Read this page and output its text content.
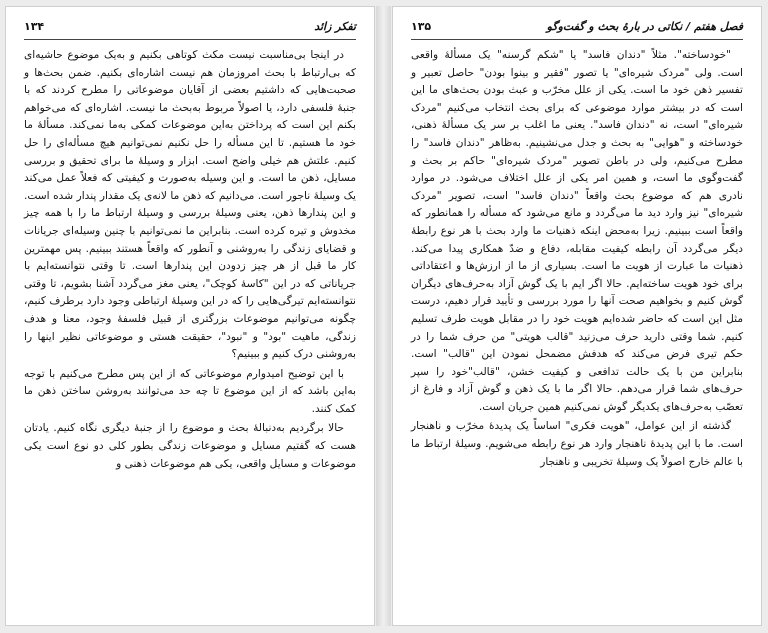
۱۳۴	تفکر زائد

در اینجا بی‌مناسبت نیست مکث کوتاهی بکنیم و به‌یک موضوع حاشیه‌ای که بی‌ارتباط با بحث امروزمان هم نیست اشاره‌ای بکنیم. ضمن بحث‌ها و صحبت‌هایی که داشتیم بعضی از آقایان موضوعاتی را مطرح کردند که با جنبهٔ فلسفی دارد، یا اصولاً مربوط به‌بحث ما نیست. اشاره‌ای که می‌خواهم بکنم این است که پرداختن به‌این موضوعات کمکی به‌ما نمی‌کند. مسألهٔ ما خود ما هستیم. تا این مسأله را حل نکنیم نمی‌توانیم هیچ مسأله‌ای را حل کنیم. علتش هم خیلی واضح است. ابزار و وسیلهٔ ما برای تحقیق و بررسی مسایل، ذهن ما است. و این وسیله به‌صورت و کیفیتی که فعلاً عمل می‌کند یک وسیلهٔ ناجور است. می‌دانیم که ذهن ما لانه‌ی یک مقدار پندار شده است. و این پندارها ذهن، یعنی وسیلهٔ بررسی و وسیلهٔ ارتباط ما را با همه چیز مخدوش و تیره کرده است. بنابراین ما نمی‌توانیم با چنین وسیله‌ای جریانات و قضایای زندگی را به‌روشنی و آنطور که واقعاً هستند ببینیم. پس مهمترین کار ما قبل از هر چیز زدودن این پندارها است. تا وقتی نتوانسته‌ایم با جریاناتی که در این "کاسهٔ کوچک"، یعنی مغز می‌گردد آشنا بشویم، تا وقتی نتوانسته‌ایم تیرگی‌هایی را که در این وسیلهٔ ارتباطی وجود دارد برطرف کنیم، چگونه می‌توانیم موضوعات بزرگتری از قبیل فلسفهٔ وجود، معنا و هدف زندگی، ماهیت "بود" و "نبود"، حقیقت هستی و موضوعاتی نظیر اینها را به‌روشنی درک کنیم و ببینیم؟

با این توضیح امیدوارم موضوعاتی که از این پس مطرح می‌کنیم با توجه به‌این باشد که از این موضوع تا چه حد می‌توانند به‌روشن ساختن ذهن ما کمک کنند.

حالا برگردیم به‌دنبالهٔ بحث و موضوع را از جنبهٔ دیگری نگاه کنیم. یادتان هست که گفتیم مسایل و موضوعات زندگی بطور کلی دو نوع است یکی موضوعات و مسایل واقعی، یکی هم موضوعات ذهنی و

۱۳۵	فصل هفتم / نکاتی در بارهٔ بحث و گفت‌وگو

"خودساخته". مثلاً "دندان فاسد" یا "شکم گرسنه" یک مسألهٔ واقعی است. ولی "مردک شیره‌ای" یا تصور "فقیر و بینوا بودن" حاصل تعبیر و تفسیر ذهن خود ما است. یکی از علل مخرّب و عبث بودن بحث‌های ما این است که در بیشتر موارد موضوعی که برای بحث انتخاب می‌کنیم "مردک شیره‌ای" است، نه "دندان فاسد". یعنی ما اغلب بر سر یک مسألهٔ ذهنی، خودساخته و "هوایی" به بحث و جدل می‌نشینیم. به‌ظاهر "دندان فاسد" را مطرح می‌کنیم، ولی در باطن تصویر "مردک شیره‌ای" حاکم بر بحث و گفت‌وگوی ما است، و همین امر یکی از علل اختلاف می‌شود. در موارد نادری هم که موضوع بحث واقعاً "دندان فاسد" است، تصویر "مردک شیره‌ای" نیز وارد دید ما می‌گردد و مانع می‌شود که مسأله را همانطور که واقعاً است ببینیم. زیرا به‌محض اینکه ذهنیات ما وارد بحث با هر نوع رابطهٔ دیگر می‌گردد آن رابطه کیفیت مقابله، دفاع و ضدّ همکاری پیدا می‌کند. ذهنیات ما عبارت از هویت ما است. بسیاری از ما از ارزش‌ها و اعتقاداتی برای خود هویت ساخته‌ایم. حالا اگر ایم با یک گوش آزاد به‌حرف‌های دیگران گوش کنیم و بخواهیم صحت آنها را مورد بررسی و تأیید قرار دهیم، درست مثل این است که حاضر شده‌ایم هویت خود را در مقابل هویت طرف تسلیم کنیم. شما وقتی دارید حرف می‌زنید "قالب هویتی" من حرف شما را در حکم تیری فرض می‌کند که هدفش مضمحل نمودن این "قالب" است. بنابراین من با یک حالت تدافعی و کیفیت خشن، "قالب"خود را سپر حرف‌های شما قرار می‌دهم. حالا اگر ما با یک ذهن و گوش آزاد و فارغ از تعصّب به‌حرف‌های یکدیگر گوش نمی‌کنیم همین جریان است.

گذشته از این عوامل، "هویت فکری" اساساً یک پدیدهٔ مخرّب و ناهنجار است. ما با این پدیدهٔ ناهنجار وارد هر نوع رابطه می‌شویم. وسیلهٔ ارتباط ما با عالم خارج اصولاً یک وسیلهٔ تخریبی و ناهنجار
